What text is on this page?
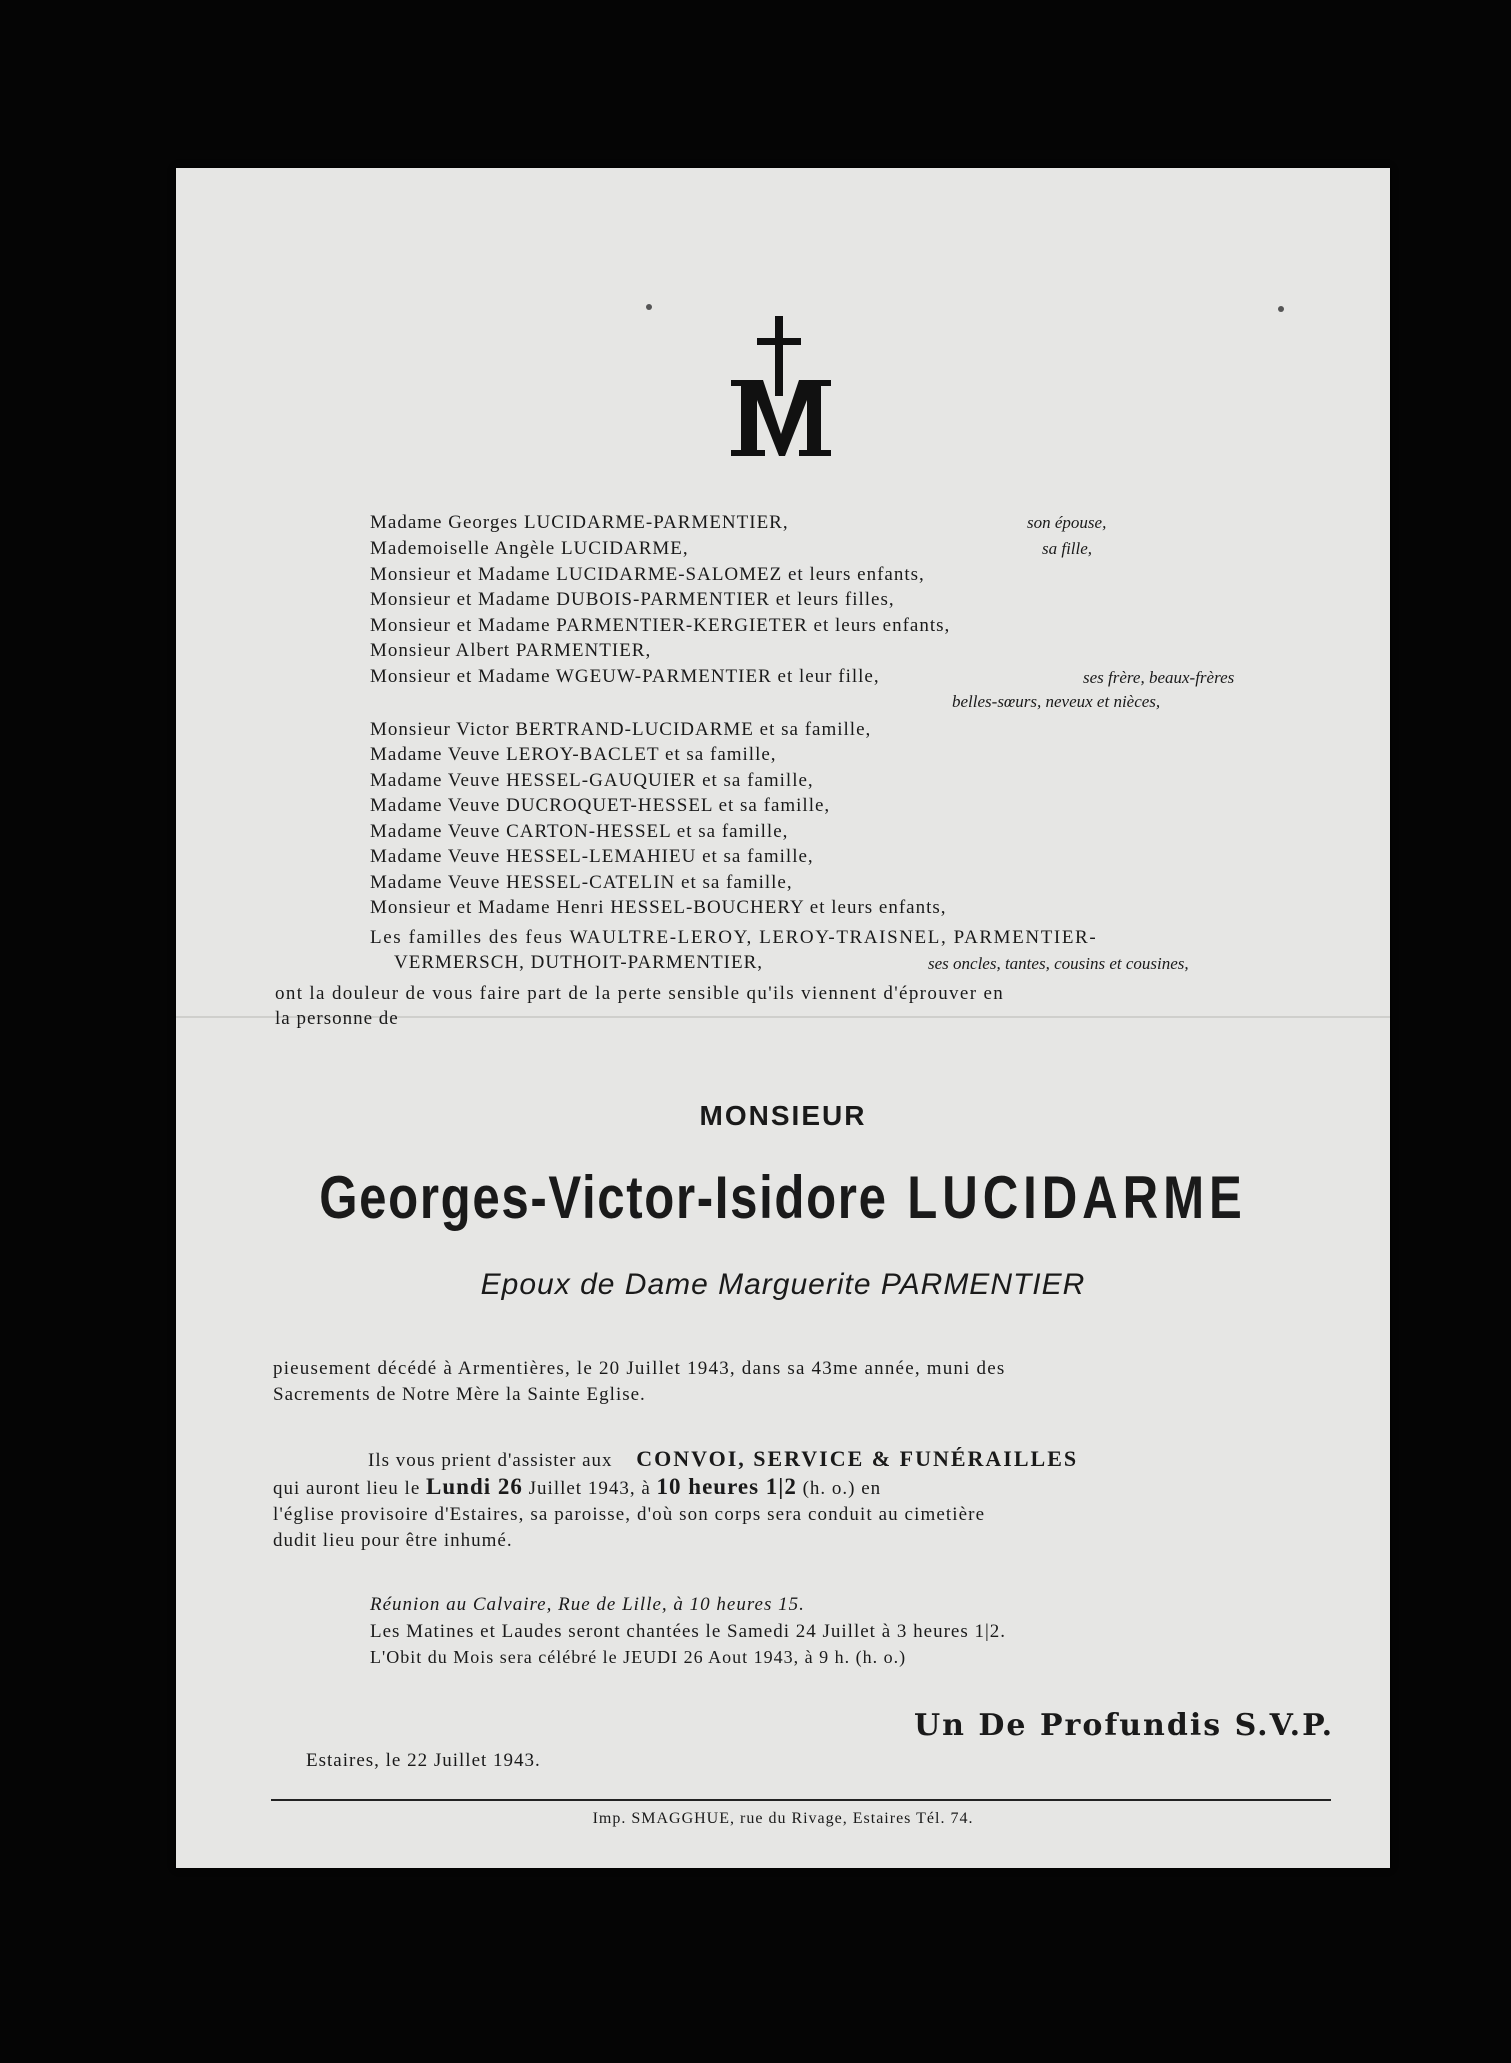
Madame Georges LUCIDARME-PARMENTIER,	son épouse,
Mademoiselle Angèle LUCIDARME,	sa fille,
Monsieur et Madame LUCIDARME-SALOMEZ et leurs enfants,
Monsieur et Madame DUBOIS-PARMENTIER et leurs filles,
Monsieur et Madame PARMENTIER-KERGIETER et leurs enfants,
Monsieur Albert PARMENTIER,
Monsieur et Madame WGEUW-PARMENTIER et leur fille,	ses frère, beaux-frères
belles-sœurs, neveux et nièces,
Monsieur Victor BERTRAND-LUCIDARME et sa famille,
Madame Veuve LEROY-BACLET et sa famille,
Madame Veuve HESSEL-GAUQUIER et sa famille,
Madame Veuve DUCROQUET-HESSEL et sa famille,
Madame Veuve CARTON-HESSEL et sa famille,
Madame Veuve HESSEL-LEMAHIEU et sa famille,
Madame Veuve HESSEL-CATELIN et sa famille,
Monsieur et Madame Henri HESSEL-BOUCHERY et leurs enfants,
Les familles des feus WAULTRE-LEROY, LEROY-TRAISNEL, PARMENTIER-
VERMERSCH, DUTHOIT-PARMENTIER,	ses oncles, tantes, cousins et cousines,
ont la douleur de vous faire part de la perte sensible qu'ils viennent d'éprouver en
la personne de
MONSIEUR
Georges-Victor-Isidore LUCIDARME
Epoux de Dame Marguerite PARMENTIER
pieusement décédé à Armentières, le 20 Juillet 1943, dans sa 43me année, muni des
Sacrements de Notre Mère la Sainte Eglise.
Ils vous prient d'assister aux CONVOI, SERVICE & FUNÉRAILLES
qui auront lieu le Lundi 26 Juillet 1943, à 10 heures 1|2 (h. o.) en
l'église provisoire d'Estaires, sa paroisse, d'où son corps sera conduit au cimetière
dudit lieu pour être inhumé.
Réunion au Calvaire, Rue de Lille, à 10 heures 15.
Les Matines et Laudes seront chantées le Samedi 24 Juillet à 3 heures 1|2.
L'Obit du Mois sera célébré le JEUDI 26 Aout 1943, à 9 h. (h. o.)
Un De Profundis S.V.P.
Estaires, le 22 Juillet 1943.
Imp. SMAGGHUE, rue du Rivage, Estaires Tél. 74.
